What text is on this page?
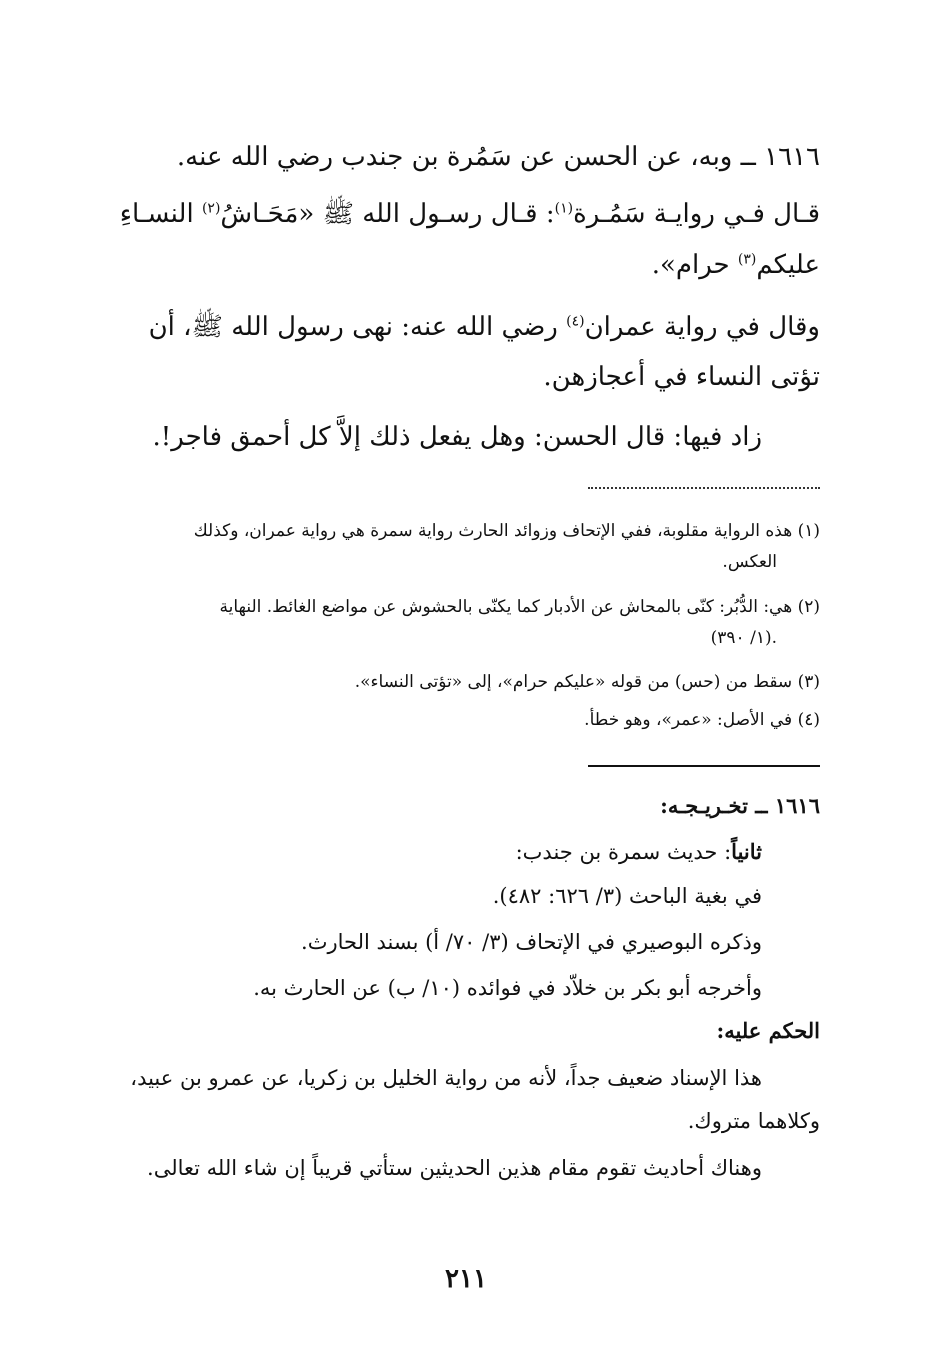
١٦١٦ ــ وبه، عن الحسن عن سَمُرة بن جندب رضي الله عنه.
قـال فـي روايـة سَمُـرة$^{(١)}$: قـال رسـول الله ﷺ «مَحَـاشُ$^{(٢)}$ النسـاءِ
عليكم$^{(٣)}$ حرام».
وقال في رواية عمران$^{(٤)}$ رضي الله عنه: نهى رسول الله ﷺ، أن
تؤتى النساء في أعجازهن.
زاد فيها: قال الحسن: وهل يفعل ذلك إلاَّ كل أحمق فاجر!.
(١) هذه الرواية مقلوبة، ففي الإتحاف وزوائد الحارث رواية سمرة هي رواية عمران، وكذلك
العكس.
(٢) هي: الدُّبُر: كنّى بالمحاش عن الأدبار كما يكنّى بالحشوش عن مواضع الغائط. النهاية
(١/ ٣٩٠).
(٣) سقط من (حس) من قوله «عليكم حرام»، إلى «تؤتى النساء».
(٤) في الأصل: «عمر»، وهو خطأ.
١٦١٦ ــ تخـريـجـه:
ثانياً: حديث سمرة بن جندب:
في بغية الباحث (٣/ ٦٢٦: ٤٨٢).
وذكره البوصيري في الإتحاف (٣/ ٧٠/ أ) بسند الحارث.
وأخرجه أبو بكر بن خلاّد في فوائده (١٠/ ب) عن الحارث به.
الحكم عليه:
هذا الإسناد ضعيف جداً، لأنه من رواية الخليل بن زكريا، عن عمرو بن عبيد،
وكلاهما متروك.
وهناك أحاديث تقوم مقام هذين الحديثين ستأتي قريباً إن شاء الله تعالى.
٢١١
